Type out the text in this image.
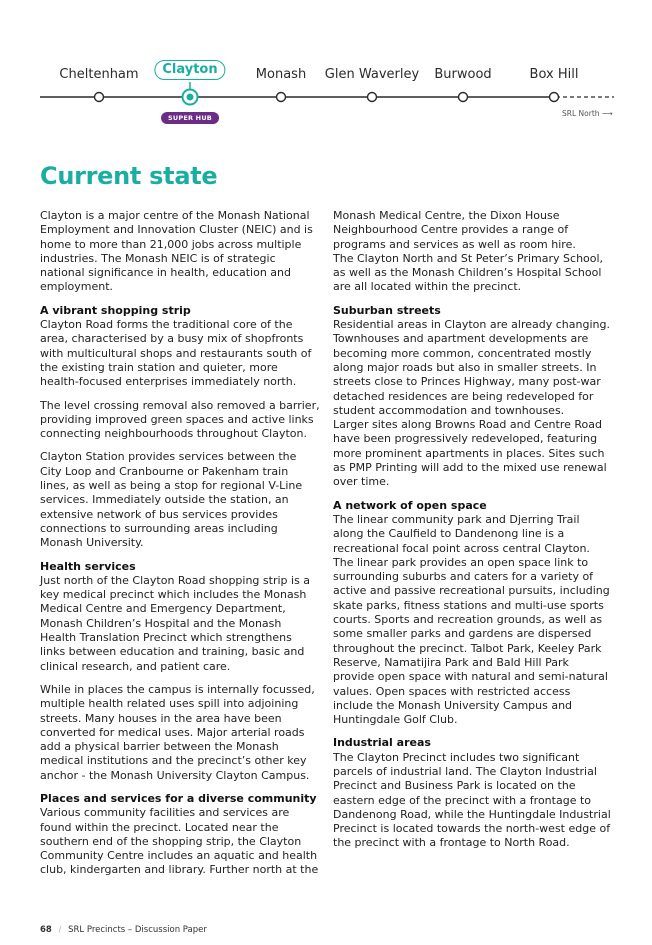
Cheltenham	Clayton	Monash Glen Waverley Burwood	Box Hill
SUPER HUB	SRL North ⟶
Current state

Clayton is a major centre of the Monash National Employment and Innovation Cluster (NEIC) and is home to more than 21,000 jobs across multiple industries. The Monash NEIC is of strategic national significance in health, education and employment.

A vibrant shopping strip

Clayton Road forms the traditional core of the area, characterised by a busy mix of shopfronts with multicultural shops and restaurants south of the existing train station and quieter, more health-focused enterprises immediately north.

The level crossing removal also removed a barrier, providing improved green spaces and active links connecting neighbourhoods throughout Clayton.

Clayton Station provides services between the City Loop and Cranbourne or Pakenham train lines, as well as being a stop for regional V-Line services. Immediately outside the station, an extensive network of bus services provides connections to surrounding areas including Monash University.

Health services

Just north of the Clayton Road shopping strip is a key medical precinct which includes the Monash Medical Centre and Emergency Department, Monash Children’s Hospital and the Monash Health Translation Precinct which strengthens links between education and training, basic and clinical research, and patient care.

While in places the campus is internally focussed, multiple health related uses spill into adjoining streets. Many houses in the area have been converted for medical uses. Major arterial roads add a physical barrier between the Monash medical institutions and the precinct’s other key anchor - the Monash University Clayton Campus.

Places and services for a diverse community

Various community facilities and services are found within the precinct. Located near the southern end of the shopping strip, the Clayton Community Centre includes an aquatic and health club, kindergarten and library. Further north at the

Monash Medical Centre, the Dixon House Neighbourhood Centre provides a range of programs and services as well as room hire.

The Clayton North and St Peter’s Primary School, as well as the Monash Children’s Hospital School are all located within the precinct.

Suburban streets

Residential areas in Clayton are already changing. Townhouses and apartment developments are becoming more common, concentrated mostly along major roads but also in smaller streets. In streets close to Princes Highway, many post-war detached residences are being redeveloped for student accommodation and townhouses.

Larger sites along Browns Road and Centre Road have been progressively redeveloped, featuring more prominent apartments in places. Sites such as PMP Printing will add to the mixed use renewal over time.

A network of open space

The linear community park and Djerring Trail along the Caulfield to Dandenong line is a recreational focal point across central Clayton. The linear park provides an open space link to surrounding suburbs and caters for a variety of active and passive recreational pursuits, including skate parks, fitness stations and multi-use sports courts. Sports and recreation grounds, as well as some smaller parks and gardens are dispersed throughout the precinct. Talbot Park, Keeley Park Reserve, Namatijira Park and Bald Hill Park provide open space with natural and semi-natural values. Open spaces with restricted access include the Monash University Campus and Huntingdale Golf Club.

Industrial areas

The Clayton Precinct includes two significant parcels of industrial land. The Clayton Industrial Precinct and Business Park is located on the eastern edge of the precinct with a frontage to Dandenong Road, while the Huntingdale Industrial Precinct is located towards the north-west edge of the precinct with a frontage to North Road.

68 / SRL Precincts – Discussion Paper
